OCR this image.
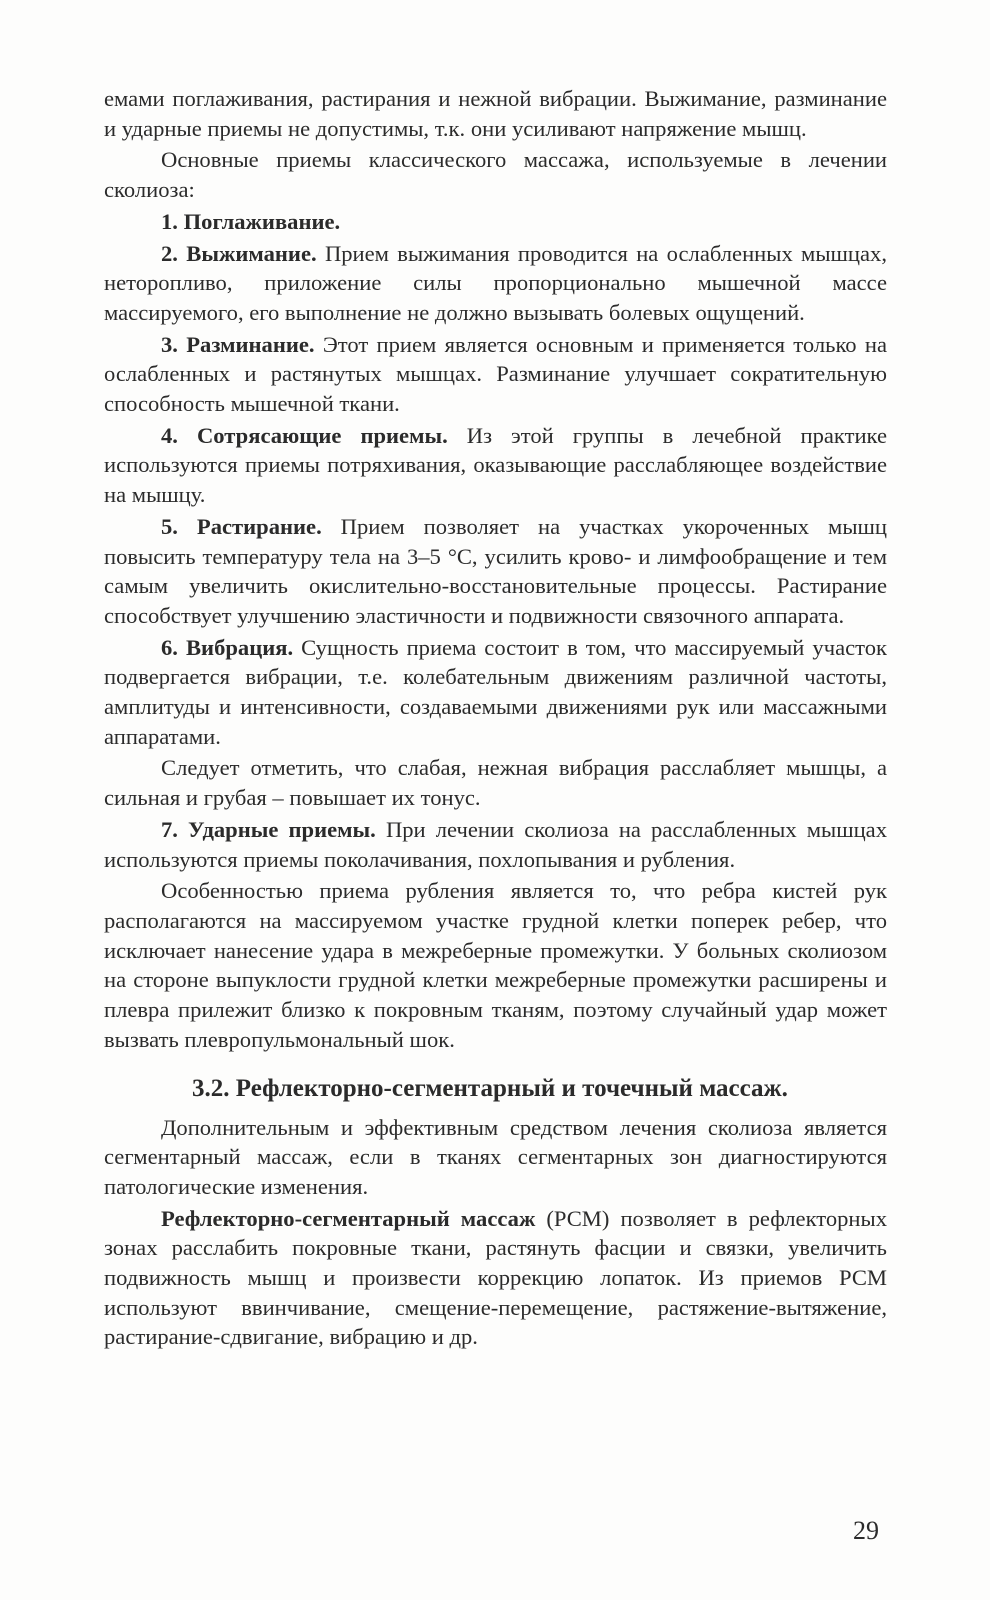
емами поглаживания, растирания и нежной вибрации. Выжимание, разминание и ударные приемы не допустимы, т.к. они усиливают напряжение мышц.

Основные приемы классического массажа, используемые в лечении сколиоза:

1. Поглаживание.

2. Выжимание. Прием выжимания проводится на ослабленных мышцах, неторопливо, приложение силы пропорционально мышечной массе массируемого, его выполнение не должно вызывать болевых ощущений.

3. Разминание. Этот прием является основным и применяется только на ослабленных и растянутых мышцах. Разминание улучшает сократительную способность мышечной ткани.

4. Сотрясающие приемы. Из этой группы в лечебной практике используются приемы потряхивания, оказывающие расслабляющее воздействие на мышцу.

5. Растирание. Прием позволяет на участках укороченных мышц повысить температуру тела на 3–5 °С, усилить крово- и лимфообращение и тем самым увеличить окислительно-восстановительные процессы. Растирание способствует улучшению эластичности и подвижности связочного аппарата.

6. Вибрация. Сущность приема состоит в том, что массируемый участок подвергается вибрации, т.е. колебательным движениям различной частоты, амплитуды и интенсивности, создаваемыми движениями рук или массажными аппаратами.

Следует отметить, что слабая, нежная вибрация расслабляет мышцы, а сильная и грубая – повышает их тонус.

7. Ударные приемы. При лечении сколиоза на расслабленных мышцах используются приемы поколачивания, похлопывания и рубления.

Особенностью приема рубления является то, что ребра кистей рук располагаются на массируемом участке грудной клетки поперек ребер, что исключает нанесение удара в межреберные промежутки. У больных сколиозом на стороне выпуклости грудной клетки межреберные промежутки расширены и плевра прилежит близко к покровным тканям, поэтому случайный удар может вызвать плевропульмональный шок.

3.2. Рефлекторно-сегментарный и точечный массаж.

Дополнительным и эффективным средством лечения сколиоза является сегментарный массаж, если в тканях сегментарных зон диагностируются патологические изменения.

Рефлекторно-сегментарный массаж (РСМ) позволяет в рефлекторных зонах расслабить покровные ткани, растянуть фасции и связки, увеличить подвижность мышц и произвести коррекцию лопаток. Из приемов РСМ используют ввинчивание, смещение-перемещение, растяжение-вытяжение, растирание-сдвигание, вибрацию и др.

29
